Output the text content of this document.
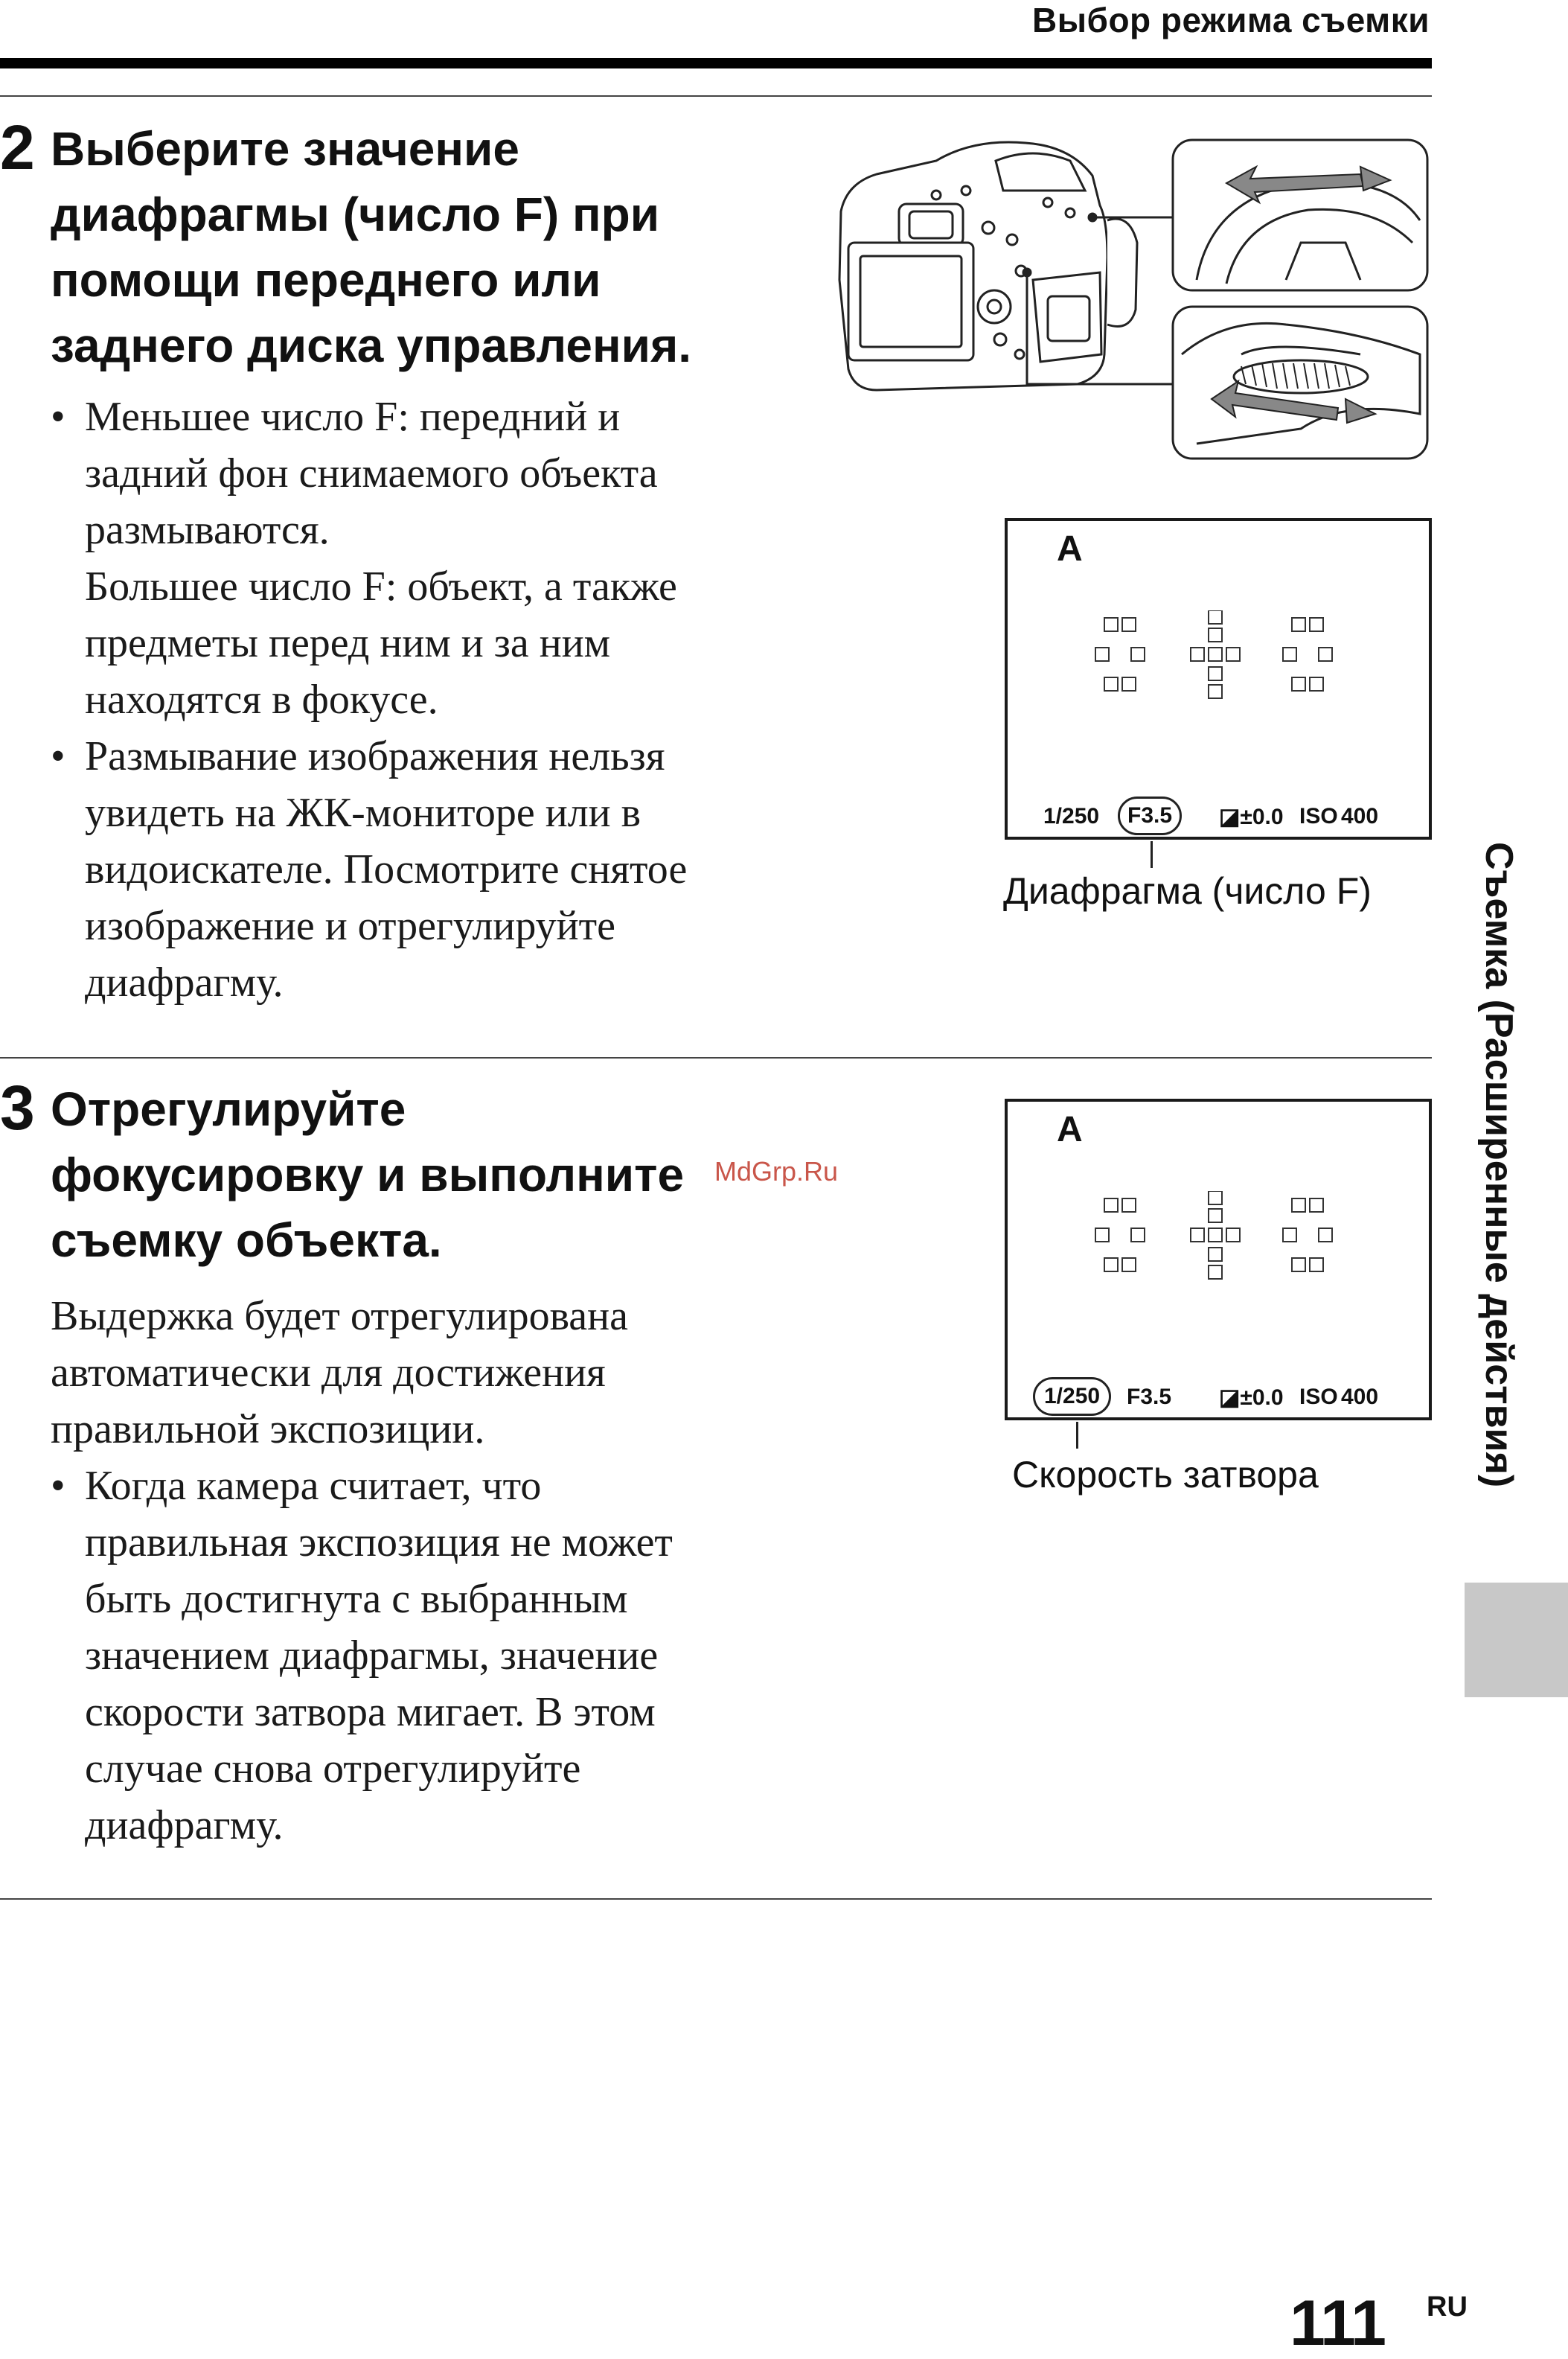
Выбор режима съемки
2 Выберите значение
диафрагмы (число F) при
помощи переднего или
заднего диска управления.
• Меньшее число F: передний и
задний фон снимаемого объекта
размываются.
Большее число F: объект, а также
предметы перед ним и за ним
находятся в фокусе.
• Размывание изображения нельзя
увидеть на ЖК-мониторе или в
видоискателе. Посмотрите снятое
изображение и отрегулируйте
диафрагму.
A
1/250	F3.5	◪±0.0 ISO 400
Диафрагма (число F)
3 Отрегулируйте
фокусировку и выполните
съемку объекта.
Выдержка будет отрегулирована
автоматически для достижения
правильной экспозиции.
• Когда камера считает, что
правильная экспозиция не может
быть достигнута с выбранным
значением диафрагмы, значение
скорости затвора мигает. В этом
случае снова отрегулируйте
диафрагму.
A
1/250	F3.5 ◪±0.0 ISO 400
Скорость затвора	Съемка (Расширенные действия)
MdGrp.Ru
111 RU
